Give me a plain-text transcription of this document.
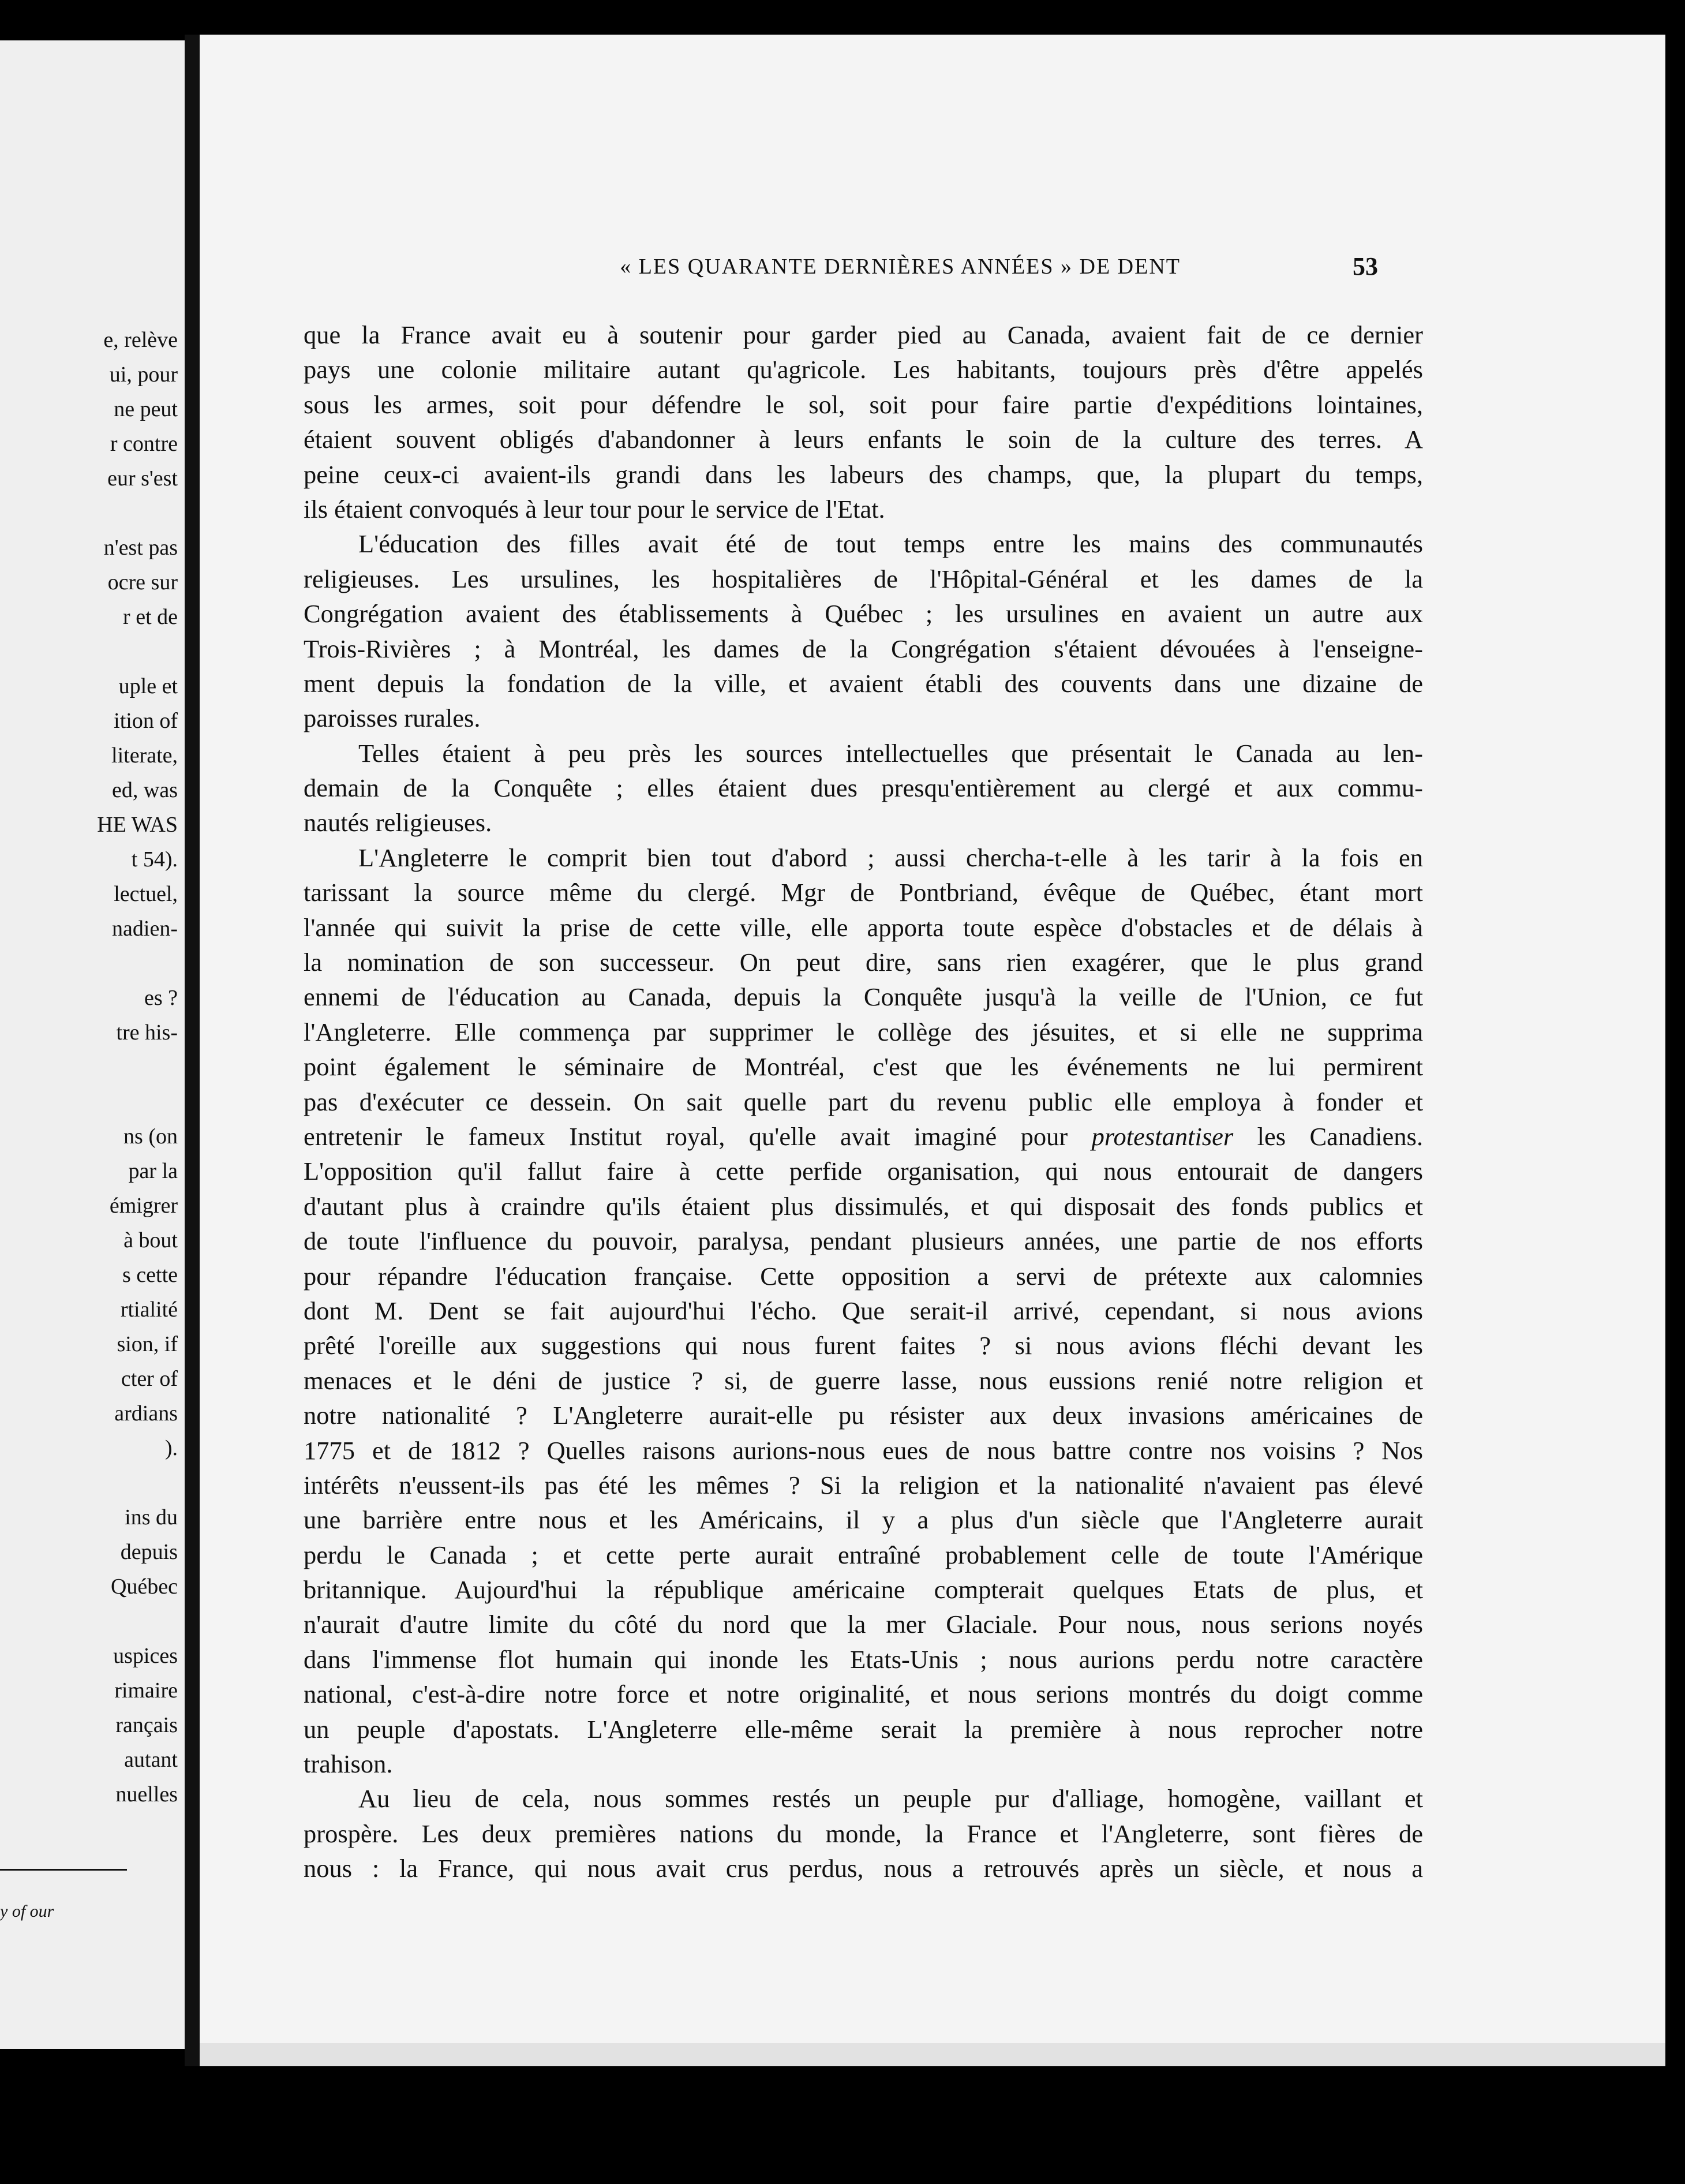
e, relève
ui, pour
ne peut
r contre
eur s'est
n'est pas
ocre sur
r et de
uple et
ition of
literate,
ed, was
HE WAS
t 54).
lectuel,
nadien-
es ?
tre his-
ns (on
par la
émigrer
à bout
s cette
rtialité
sion, if
cter of
ardians
).
ins du
depuis
Québec
uspices
rimaire
rançais
autant
nuelles
y of our
« LES QUARANTE DERNIÈRES ANNÉES » DE DENT	53
que la France avait eu à soutenir pour garder pied au Canada, avaient fait de ce dernier
pays une colonie militaire autant qu'agricole. Les habitants, toujours près d'être appelés
sous les armes, soit pour défendre le sol, soit pour faire partie d'expéditions lointaines,
étaient souvent obligés d'abandonner à leurs enfants le soin de la culture des terres. A
peine ceux-ci avaient-ils grandi dans les labeurs des champs, que, la plupart du temps,
ils étaient convoqués à leur tour pour le service de l'Etat.
L'éducation des filles avait été de tout temps entre les mains des communautés
religieuses. Les ursulines, les hospitalières de l'Hôpital-Général et les dames de la
Congrégation avaient des établissements à Québec ; les ursulines en avaient un autre aux
Trois-Rivières ; à Montréal, les dames de la Congrégation s'étaient dévouées à l'enseigne-
ment depuis la fondation de la ville, et avaient établi des couvents dans une dizaine de
paroisses rurales.
Telles étaient à peu près les sources intellectuelles que présentait le Canada au len-
demain de la Conquête ; elles étaient dues presqu'entièrement au clergé et aux commu-
nautés religieuses.
L'Angleterre le comprit bien tout d'abord ; aussi chercha-t-elle à les tarir à la fois en
tarissant la source même du clergé. Mgr de Pontbriand, évêque de Québec, étant mort
l'année qui suivit la prise de cette ville, elle apporta toute espèce d'obstacles et de délais à
la nomination de son successeur. On peut dire, sans rien exagérer, que le plus grand
ennemi de l'éducation au Canada, depuis la Conquête jusqu'à la veille de l'Union, ce fut
l'Angleterre. Elle commença par supprimer le collège des jésuites, et si elle ne supprima
point également le séminaire de Montréal, c'est que les événements ne lui permirent
pas d'exécuter ce dessein. On sait quelle part du revenu public elle employa à fonder et
entretenir le fameux Institut royal, qu'elle avait imaginé pour protestantiser les Canadiens.
L'opposition qu'il fallut faire à cette perfide organisation, qui nous entourait de dangers
d'autant plus à craindre qu'ils étaient plus dissimulés, et qui disposait des fonds publics et
de toute l'influence du pouvoir, paralysa, pendant plusieurs années, une partie de nos efforts
pour répandre l'éducation française. Cette opposition a servi de prétexte aux calomnies
dont M. Dent se fait aujourd'hui l'écho. Que serait-il arrivé, cependant, si nous avions
prêté l'oreille aux suggestions qui nous furent faites ? si nous avions fléchi devant les
menaces et le déni de justice ? si, de guerre lasse, nous eussions renié notre religion et
notre nationalité ? L'Angleterre aurait-elle pu résister aux deux invasions américaines de
1775 et de 1812 ? Quelles raisons aurions-nous eues de nous battre contre nos voisins ? Nos
intérêts n'eussent-ils pas été les mêmes ? Si la religion et la nationalité n'avaient pas élevé
une barrière entre nous et les Américains, il y a plus d'un siècle que l'Angleterre aurait
perdu le Canada ; et cette perte aurait entraîné probablement celle de toute l'Amérique
britannique. Aujourd'hui la république américaine compterait quelques Etats de plus, et
n'aurait d'autre limite du côté du nord que la mer Glaciale. Pour nous, nous serions noyés
dans l'immense flot humain qui inonde les Etats-Unis ; nous aurions perdu notre caractère
national, c'est-à-dire notre force et notre originalité, et nous serions montrés du doigt comme
un peuple d'apostats. L'Angleterre elle-même serait la première à nous reprocher notre
trahison.
Au lieu de cela, nous sommes restés un peuple pur d'alliage, homogène, vaillant et
prospère. Les deux premières nations du monde, la France et l'Angleterre, sont fières de
nous : la France, qui nous avait crus perdus, nous a retrouvés après un siècle, et nous a
